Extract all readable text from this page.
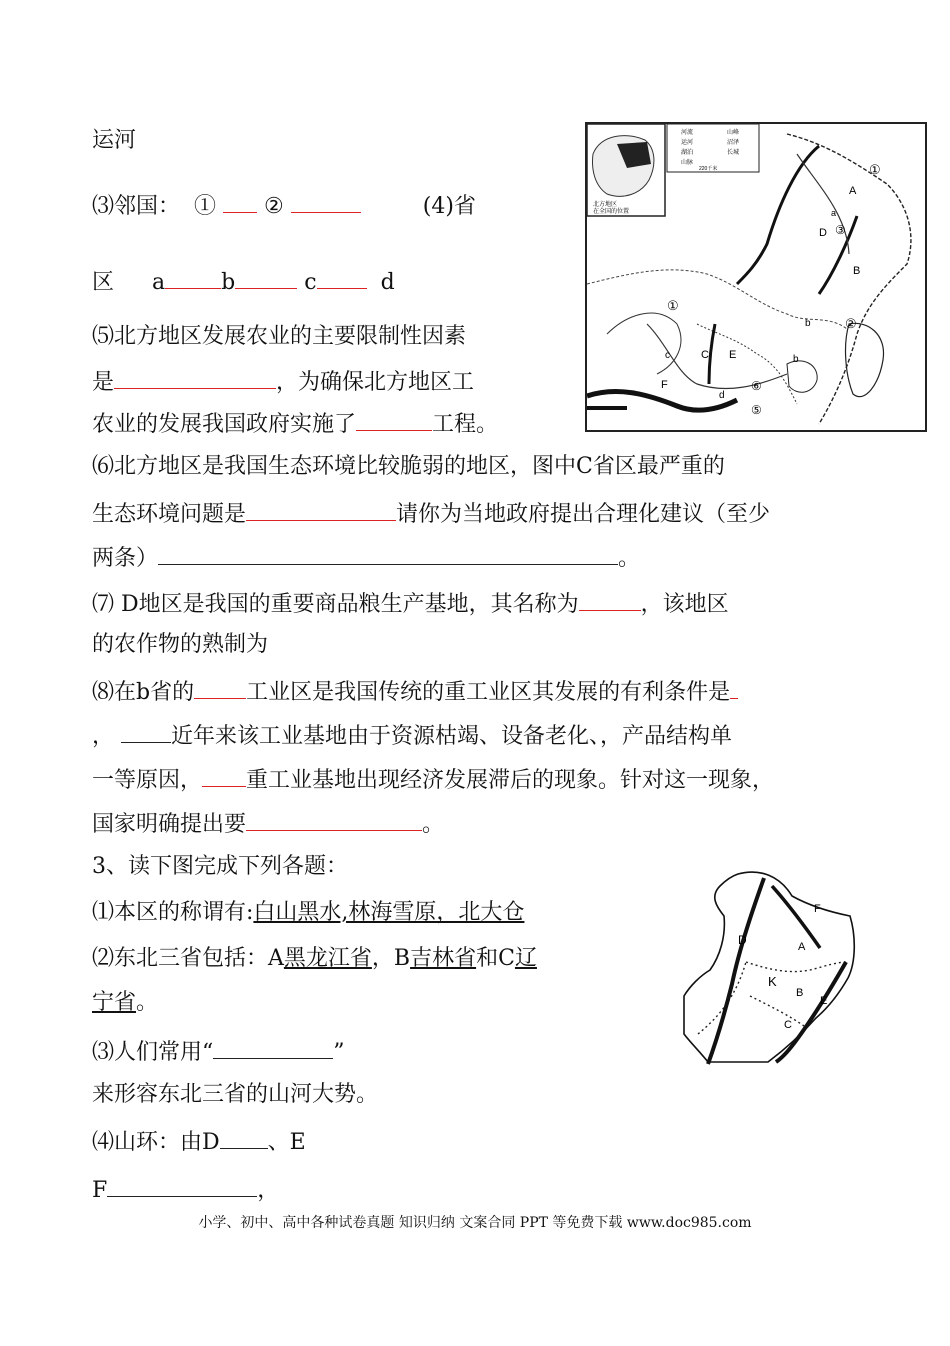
运河
⑶邻国： ① ②	(4)省
区 a	b	c	d
⑸北方地区发展农业的主要限制性因素
是	，为确保北方地区工
农业的发展我国政府实施了	工程。
⑹北方地区是我国生态环境比较脆弱的地区，图中C省区最严重的
生态环境问题是	请你为当地政府提出合理化建议（至少
两条）	。
⑺ D地区是我国的重要商品粮生产基地，其名称为	，该地区
的农作物的熟制为
⑻在b省的 工业区是我国传统的重工业区其发展的有利条件是
，	近年来该工业基地由于资源枯竭、设备老化、，产品结构单
一等原因， 重工业基地出现经济发展滞后的现象。针对这一现象，
国家明确提出要	。
3、读下图完成下列各题：
⑴本区的称谓有:白山黑水,林海雪原，北大仓
⑵东北三省包括：A黑龙江省，B吉林省和C辽
宁省。
⑶人们常用“	”
来形容东北三省的山河大势。
⑷山环：由D 、E
F	，
北方地区
在全国的位置
河流
运河
湖泊
山脉
山峰
沼泽
长城
220千米	①
A
a
D ③
B
①
b	②
c	C E	b
F
d
⑥
⑤
F
D	A
K
B
E
C
小学、初中、高中各种试卷真题 知识归纳 文案合同 PPT 等免费下载 www.doc985.com
